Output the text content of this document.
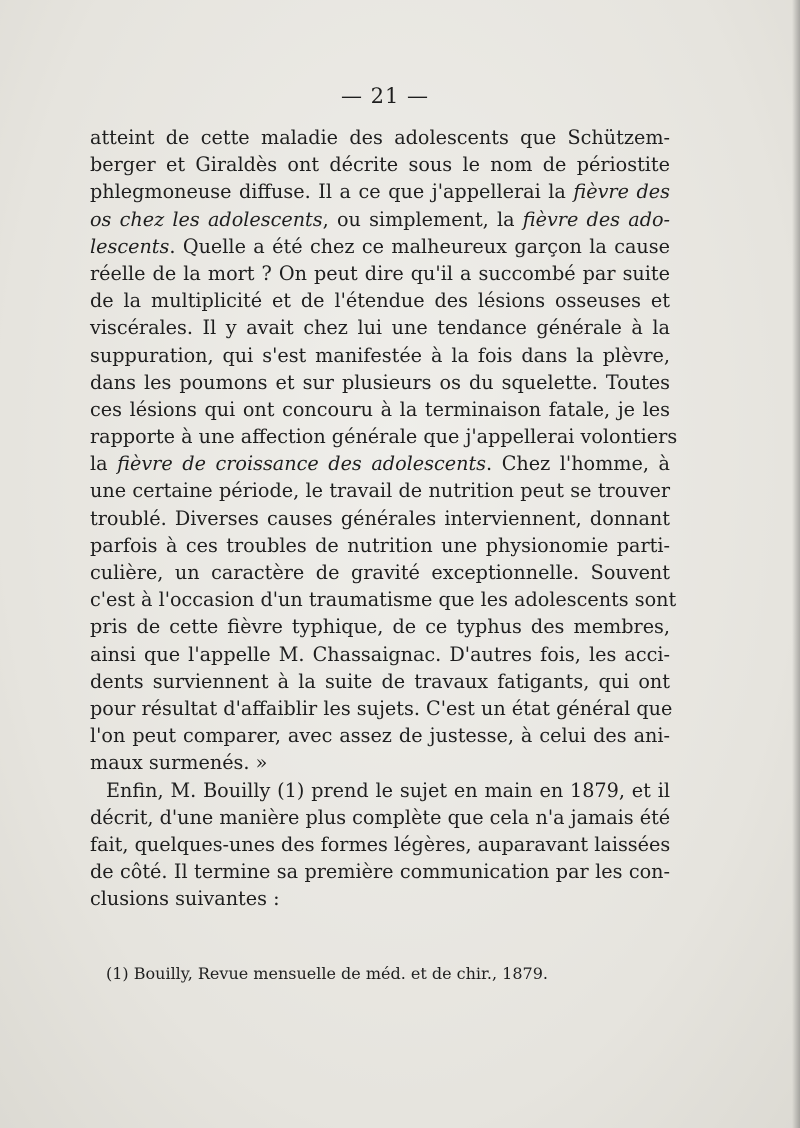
— 21 —
atteint de cette maladie des adolescents que Schützem-
berger et Giraldès ont décrite sous le nom de périostite
phlegmoneuse diffuse. Il a ce que j'appellerai la fièvre des
os chez les adolescents, ou simplement, la fièvre des ado-
lescents. Quelle a été chez ce malheureux garçon la cause
réelle de la mort ? On peut dire qu'il a succombé par suite
de la multiplicité et de l'étendue des lésions osseuses et
viscérales. Il y avait chez lui une tendance générale à la
suppuration, qui s'est manifestée à la fois dans la plèvre,
dans les poumons et sur plusieurs os du squelette. Toutes
ces lésions qui ont concouru à la terminaison fatale, je les
rapporte à une affection générale que j'appellerai volontiers
la fièvre de croissance des adolescents. Chez l'homme, à
une certaine période, le travail de nutrition peut se trouver
troublé. Diverses causes générales interviennent, donnant
parfois à ces troubles de nutrition une physionomie parti-
culière, un caractère de gravité exceptionnelle. Souvent
c'est à l'occasion d'un traumatisme que les adolescents sont
pris de cette fièvre typhique, de ce typhus des membres,
ainsi que l'appelle M. Chassaignac. D'autres fois, les acci-
dents surviennent à la suite de travaux fatigants, qui ont
pour résultat d'affaiblir les sujets. C'est un état général que
l'on peut comparer, avec assez de justesse, à celui des ani-
maux surmenés. »
Enfin, M. Bouilly (1) prend le sujet en main en 1879, et il
décrit, d'une manière plus complète que cela n'a jamais été
fait, quelques-unes des formes légères, auparavant laissées
de côté. Il termine sa première communication par les con-
clusions suivantes :
(1) Bouilly, Revue mensuelle de méd. et de chir., 1879.
